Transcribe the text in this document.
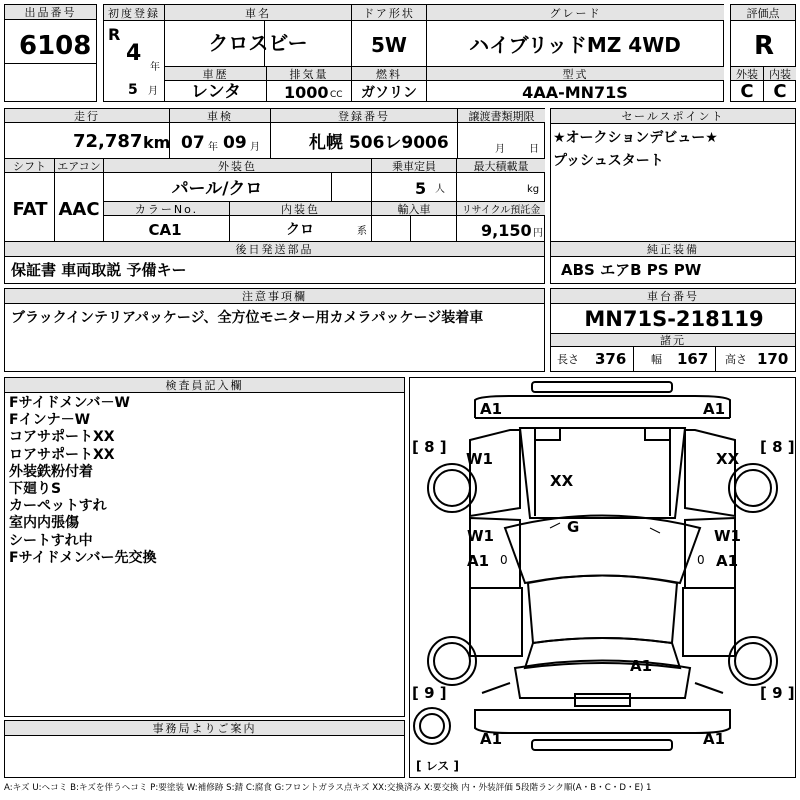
出品番号
6108
初度登録	車名	ドア形状	グレード
R
4
年
5 月
クロスビー	5W	ハイブリッドMZ 4WD
車歴	排気量	燃料	型式
レンタ	1000 CC ガソリン	4AA-MN71S
評価点
R
外装	内装
C C
走行	車検	登録番号	譲渡書類期限
72,787 km 07 年 09 月	札幌 506レ9006	月 日
シフト	エアコン	外装色	乗車定員	最大積載量
FAT AAC
パール/クロ	5 人	kg
カラーNo.	内装色	輸入車	リサイクル預託金
CA1	クロ	系	9,150 円
後日発送部品
保証書 車両取説 予備キー
セールスポイント
★オークションデビュー★
プッシュスタート
純正装備
ABS エアB PS PW
注意事項欄
ブラックインテリアパッケージ、全方位モニター用カメラパッケージ装着車
車台番号
MN71S-218119
諸元
長さ 376 幅 167 高さ 170
検査員記入欄
Fサイドメンバ－W
Fインナ－W
コアサポートXX
ロアサポートXX
外装鉄粉付着
下廻りS
カーペットすれ
室内内張傷
シートすれ中
Fサイドメンバー先交換
事務局よりご案内
A1	A1
[ 8 ]	[ 8 ]
W1	XX
XX
G
W1
A1
W1
A1
0	0
A1
[ 9 ]	[ 9 ]
A1	A1
[ レス ]
A:キズ U:ヘコミ B:キズを伴うヘコミ P:要塗装 W:補修跡 S:錆 C:腐食 G:フロントガラス点キズ XX:交換済み X:要交換 内・外装評価 5段階ランク順(A・B・C・D・E) 1
